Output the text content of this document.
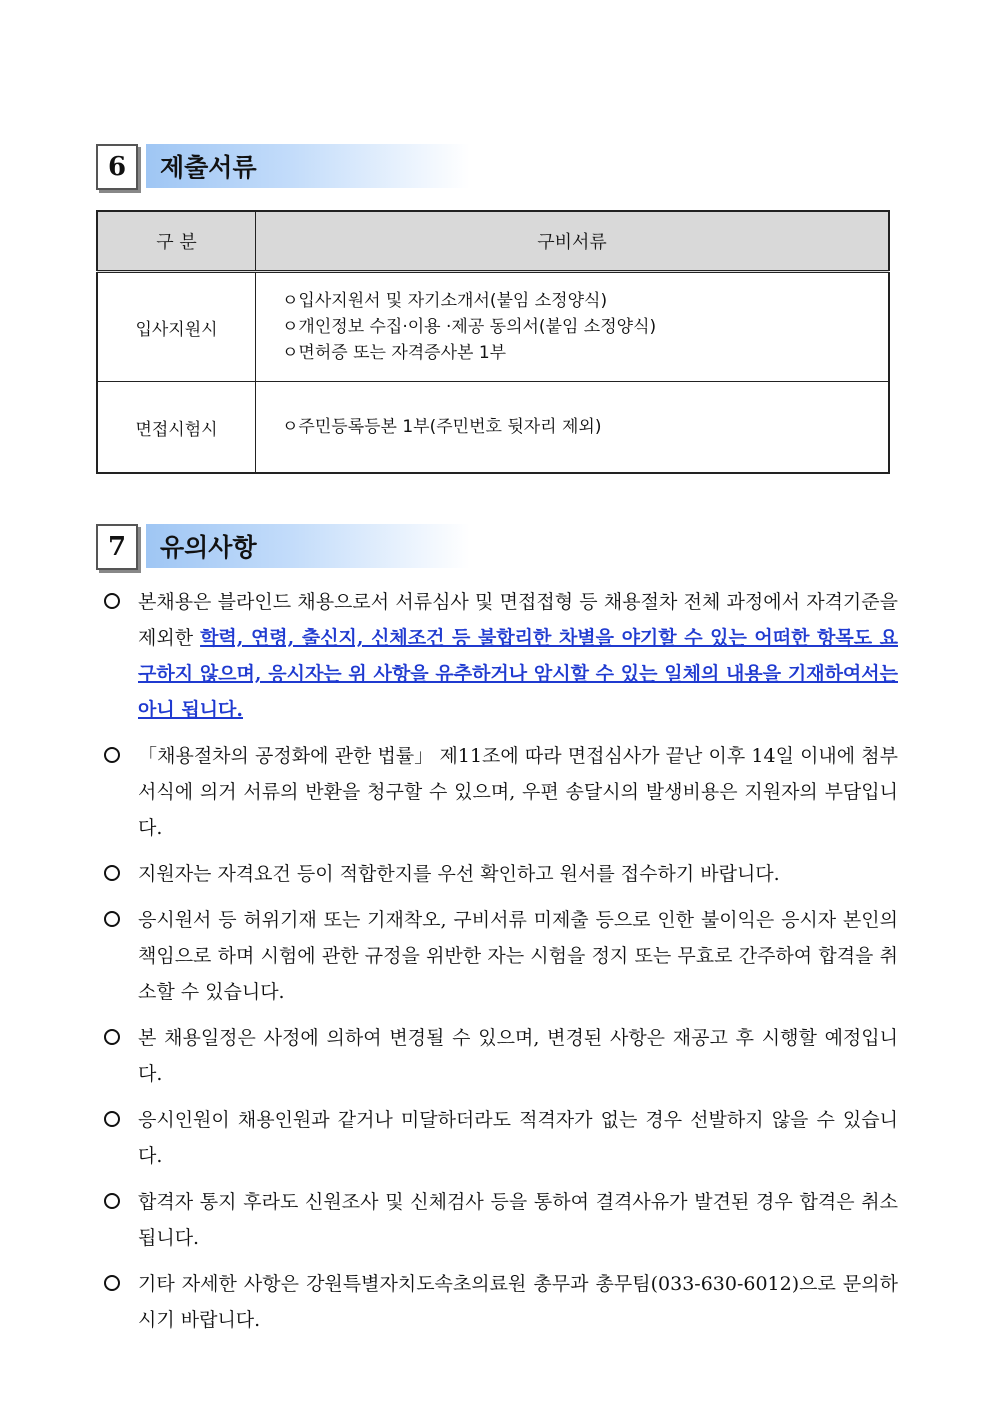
6	제출서류
구 분	구비서류
입사지원시	ㅇ입사지원서 및 자기소개서(붙임 소정양식)
ㅇ개인정보 수집·이용 ·제공 동의서(붙임 소정양식)
ㅇ면허증 또는 자격증사본 1부

면접시험시	ㅇ주민등록등본 1부(주민번호 뒷자리 제외)
7	유의사항
본채용은 블라인드 채용으로서 서류심사 및 면접접형 등 채용절차 전체 과정에서 자격기준을 제외한 학력, 연령, 출신지, 신체조건 등 불합리한 차별을 야기할 수 있는 어떠한 항목도 요구하지 않으며, 응시자는 위 사항을 유추하거나 암시할 수 있는 일체의 내용을 기재하여서는 아니 됩니다.
「채용절차의 공정화에 관한 법률」 제11조에 따라 면접심사가 끝난 이후 14일 이내에 첨부서식에 의거 서류의 반환을 청구할 수 있으며, 우편 송달시의 발생비용은 지원자의 부담입니다.
지원자는 자격요건 등이 적합한지를 우선 확인하고 원서를 접수하기 바랍니다.
응시원서 등 허위기재 또는 기재착오, 구비서류 미제출 등으로 인한 불이익은 응시자 본인의 책임으로 하며 시험에 관한 규정을 위반한 자는 시험을 정지 또는 무효로 간주하여 합격을 취소할 수 있습니다.
본 채용일정은 사정에 의하여 변경될 수 있으며, 변경된 사항은 재공고 후 시행할 예정입니다.
응시인원이 채용인원과 같거나 미달하더라도 적격자가 없는 경우 선발하지 않을 수 있습니다.
합격자 통지 후라도 신원조사 및 신체검사 등을 통하여 결격사유가 발견된 경우 합격은 취소됩니다.
기타 자세한 사항은 강원특별자치도속초의료원 총무과 총무팀(033-630-6012)으로 문의하시기 바랍니다.
